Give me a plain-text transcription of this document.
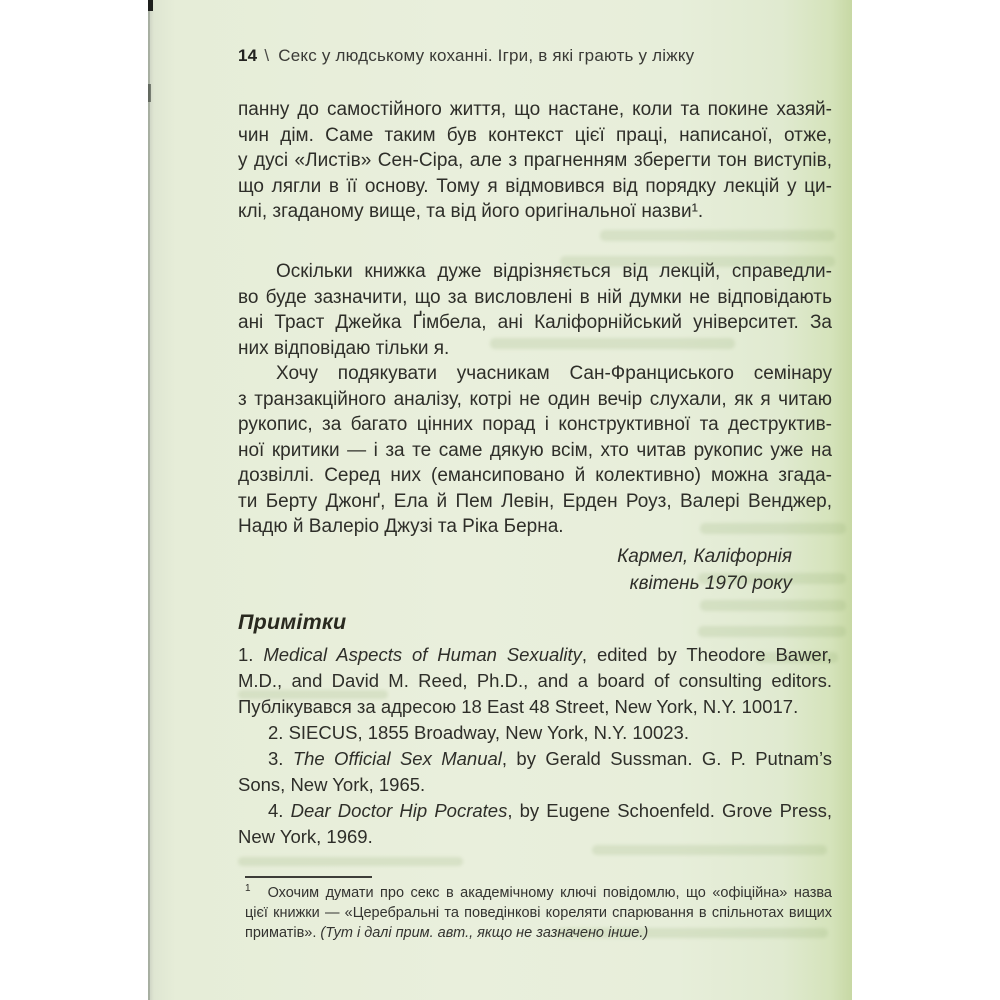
14 \ Секс у людському коханні. Ігри, в які грають у ліжку
панну до самостійного життя, що настане, коли та покине хазяй-
чин дім. Саме таким був контекст цієї праці, написаної, отже,
у дусі «Листів» Сен-Сіра, але з прагненням зберегти тон виступів,
що лягли в її основу. Тому я відмовився від порядку лекцій у ци-
клі, згаданому вище, та від його оригінальної назви¹.
Оскільки книжка дуже відрізняється від лекцій, справедли-
во буде зазначити, що за висловлені в ній думки не відповідають
ані Траст Джейка Ґімбела, ані Каліфорнійський університет. За
них відповідаю тільки я.
Хочу подякувати учасникам Сан-Франциського семінару
з транзакційного аналізу, котрі не один вечір слухали, як я читаю
рукопис, за багато цінних порад і конструктивної та деструктив-
ної критики — і за те саме дякую всім, хто читав рукопис уже на
дозвіллі. Серед них (емансиповано й колективно) можна згада-
ти Берту Джонґ, Ела й Пем Левін, Ерден Роуз, Валері Венджер,
Надю й Валеріо Джузі та Ріка Берна.
Кармел, Каліфорнія
квітень 1970 року
Примітки

1. Medical Aspects of Human Sexuality, edited by Theodore Bawer, M.D., and David M. Reed, Ph.D., and a board of consulting editors. Публікувався за адресою 18 East 48 Street, New York, N.Y. 10017.

2. SIECUS, 1855 Broadway, New York, N.Y. 10023.

3. The Official Sex Manual, by Gerald Sussman. G. P. Putnam’s Sons, New York, 1965.

4. Dear Doctor Hip Pocrates, by Eugene Schoenfeld. Grove Press, New York, 1969.

$^1$ Охочим думати про секс в академічному ключі повідомлю, що «офіційна» назва цієї книжки — «Церебральні та поведінкові кореляти спарювання в спільнотах вищих приматів». (Тут і далі прим. авт., якщо не зазначено інше.)
